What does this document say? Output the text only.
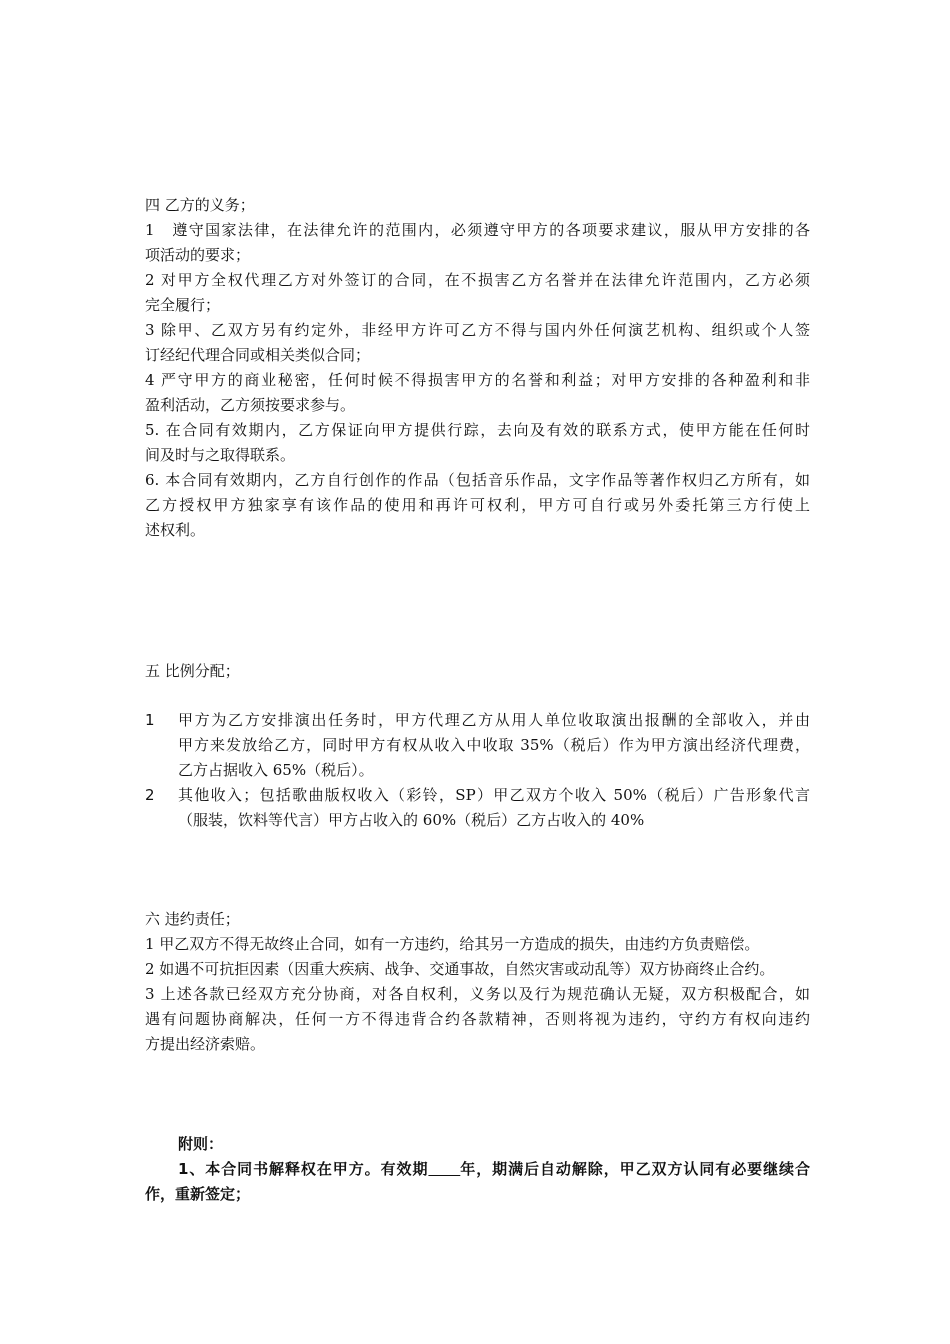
四 乙方的义务；
1　遵守国家法律，在法律允许的范围内，必须遵守甲方的各项要求建议，服从甲方安排的各
项活动的要求；
2 对甲方全权代理乙方对外签订的合同，在不损害乙方名誉并在法律允许范围内，乙方必须
完全履行；
3 除甲、乙双方另有约定外，非经甲方许可乙方不得与国内外任何演艺机构、组织或个人签
订经纪代理合同或相关类似合同；
4 严守甲方的商业秘密，任何时候不得损害甲方的名誉和利益；对甲方安排的各种盈利和非
盈利活动，乙方须按要求参与。
5. 在合同有效期内，乙方保证向甲方提供行踪，去向及有效的联系方式，使甲方能在任何时
间及时与之取得联系。
6. 本合同有效期内，乙方自行创作的作品（包括音乐作品，文字作品等著作权归乙方所有，如
乙方授权甲方独家享有该作品的使用和再许可权利，甲方可自行或另外委托第三方行使上
述权利。
五 比例分配；
1 甲方为乙方安排演出任务时，甲方代理乙方从用人单位收取演出报酬的全部收入，并由
甲方来发放给乙方，同时甲方有权从收入中收取 35%（税后）作为甲方演出经济代理费，
乙方占据收入 65%（税后）。
2 其他收入；包括歌曲版权收入（彩铃，SP）甲乙双方个收入 50%（税后）广告形象代言
（服装，饮料等代言）甲方占收入的 60%（税后）乙方占收入的 40%
六 违约责任；
1 甲乙双方不得无故终止合同，如有一方违约，给其另一方造成的损失，由违约方负责赔偿。
2 如遇不可抗拒因素（因重大疾病、战争、交通事故，自然灾害或动乱等）双方协商终止合约。
3 上述各款已经双方充分协商，对各自权利，义务以及行为规范确认无疑，双方积极配合，如
遇有问题协商解决，任何一方不得违背合约各款精神，否则将视为违约，守约方有权向违约
方提出经济索赔。
附则：
1、本合同书解释权在甲方。有效期　　 年，期满后自动解除，甲乙双方认同有必要继续合
作，重新签定；
